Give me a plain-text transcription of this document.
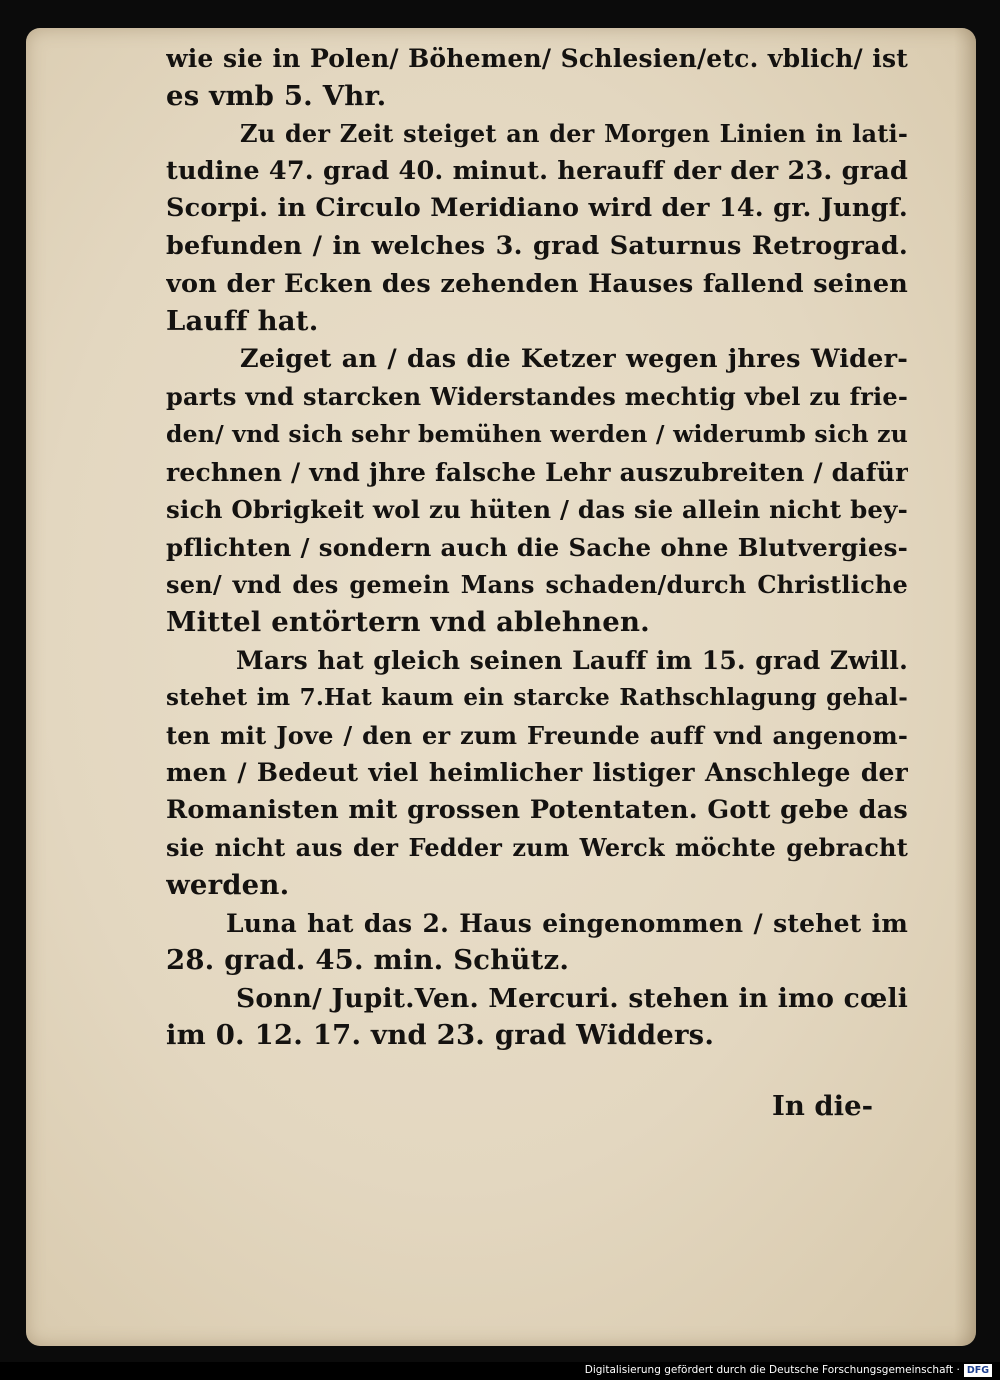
wie sie in Polen/ Böhemen/ Schlesien/etc. vblich/ ist
es vmb 5. Vhr.
Zu der Zeit steiget an der Morgen Linien in lati-
tudine 47. grad 40. minut. herauff der der 23. grad
Scorpi. in Circulo Meridiano wird der 14. gr. Jungf.
befunden / in welches 3. grad Saturnus Retrograd.
von der Ecken des zehenden Hauses fallend seinen
Lauff hat.
Zeiget an / das die Ketzer wegen jhres Wider-
parts vnd starcken Widerstandes mechtig vbel zu frie-
den/ vnd sich sehr bemühen werden / widerumb sich zu
rechnen / vnd jhre falsche Lehr auszubreiten / dafür
sich Obrigkeit wol zu hüten / das sie allein nicht bey-
pflichten / sondern auch die Sache ohne Blutvergies-
sen/ vnd des gemein Mans schaden/durch Christliche
Mittel entörtern vnd ablehnen.
Mars hat gleich seinen Lauff im 15. grad Zwill.
stehet im 7.Hat kaum ein starcke Rathschlagung gehal-
ten mit Jove / den er zum Freunde auff vnd angenom-
men / Bedeut viel heimlicher listiger Anschlege der
Romanisten mit grossen Potentaten. Gott gebe das
sie nicht aus der Fedder zum Werck möchte gebracht
werden.
Luna hat das 2. Haus eingenommen / stehet im
28. grad. 45. min. Schütz.
Sonn/ Jupit.Ven. Mercuri. stehen in imo cœli
im 0. 12. 17. vnd 23. grad Widders.
In die-
Digitalisierung gefördert durch die Deutsche Forschungsgemeinschaft · DFG
